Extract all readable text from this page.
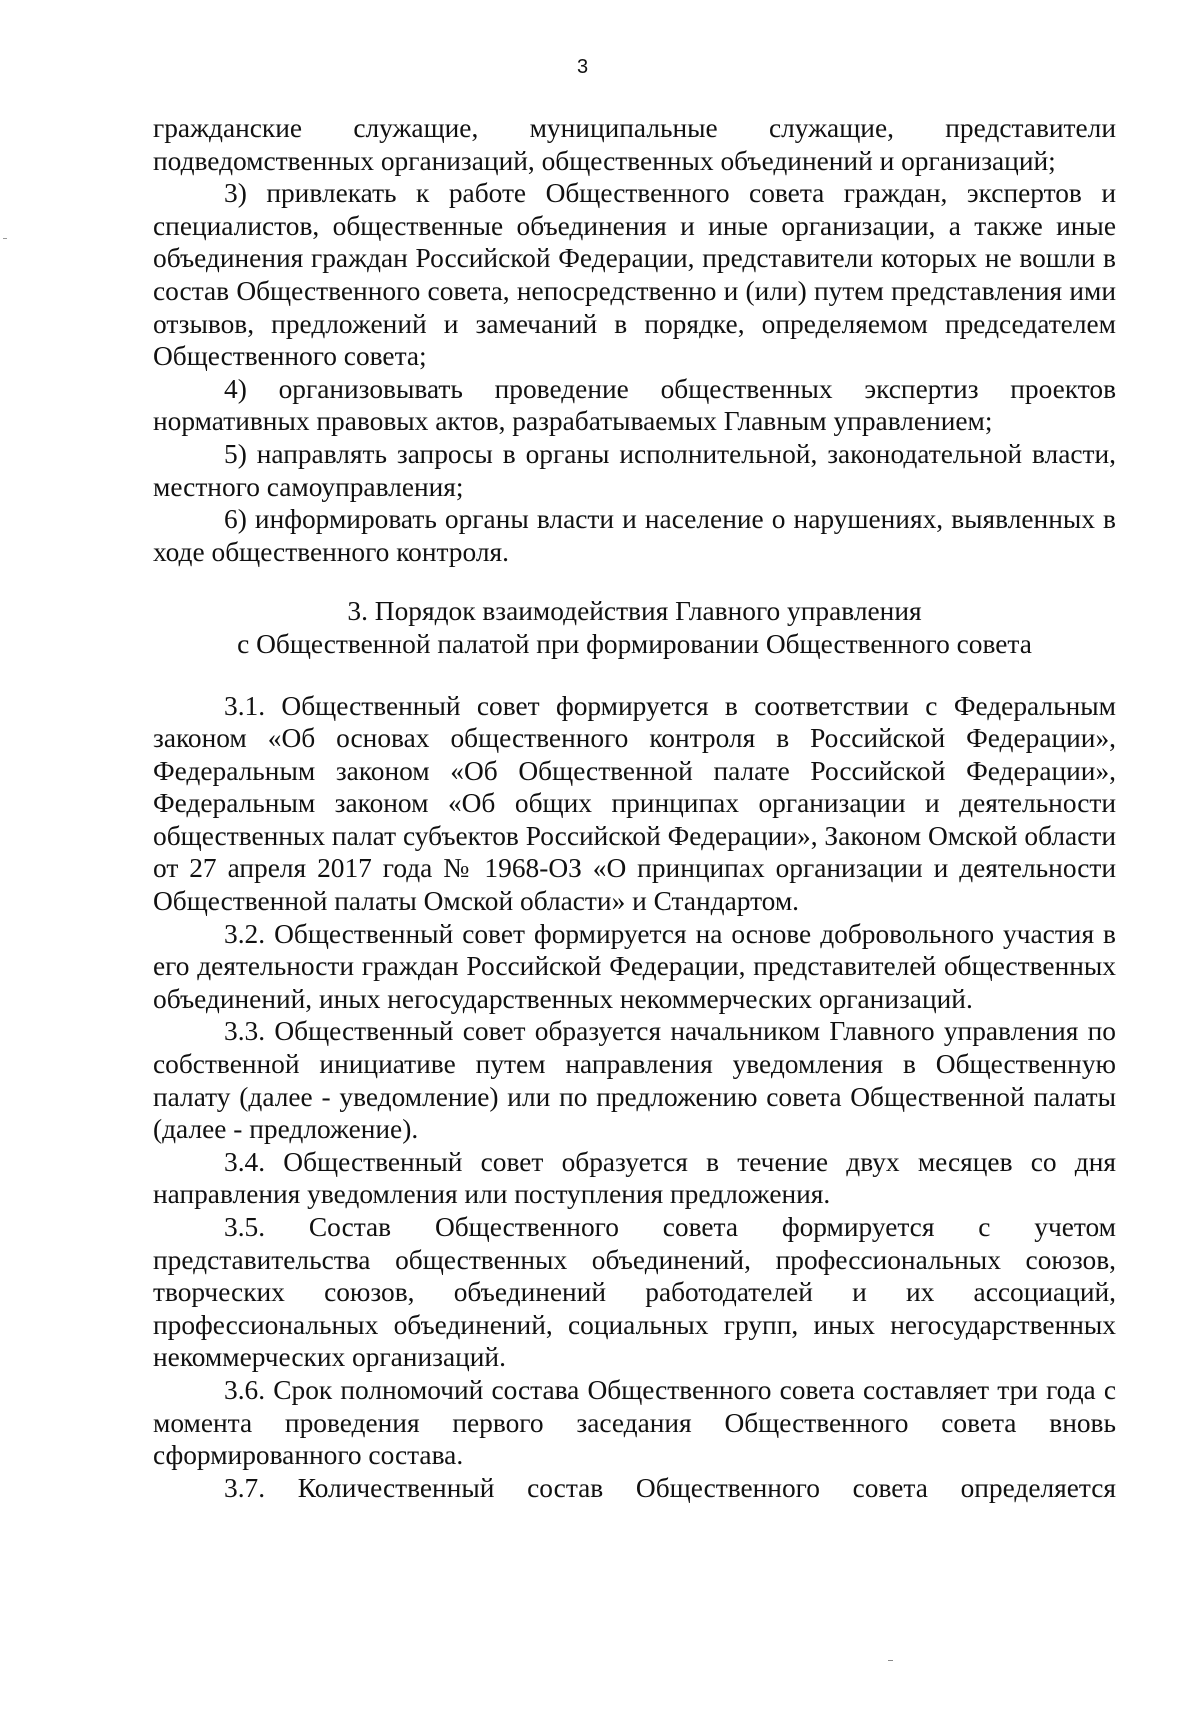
3

гражданские служащие, муниципальные служащие, представители подведомственных организаций, общественных объединений и организаций;

3) привлекать к работе Общественного совета граждан, экспертов и специалистов, общественные объединения и иные организации, а также иные объединения граждан Российской Федерации, представители которых не вошли в состав Общественного совета, непосредственно и (или) путем представления ими отзывов, предложений и замечаний в порядке, определяемом председателем Общественного совета;

4) организовывать проведение общественных экспертиз проектов нормативных правовых актов, разрабатываемых Главным управлением;

5) направлять запросы в органы исполнительной, законодательной власти, местного самоуправления;

6) информировать органы власти и население о нарушениях, выявленных в ходе общественного контроля.

3. Порядок взаимодействия Главного управления
с Общественной палатой при формировании Общественного совета

3.1. Общественный совет формируется в соответствии с Федеральным законом «Об основах общественного контроля в Российской Федерации», Федеральным законом «Об Общественной палате Российской Федерации», Федеральным законом «Об общих принципах организации и деятельности общественных палат субъектов Российской Федерации», Законом Омской области от 27 апреля 2017 года № 1968-ОЗ «О принципах организации и деятельности Общественной палаты Омской области» и Стандартом.

3.2. Общественный совет формируется на основе добровольного участия в его деятельности граждан Российской Федерации, представителей общественных объединений, иных негосударственных некоммерческих организаций.

3.3. Общественный совет образуется начальником Главного управления по собственной инициативе путем направления уведомления в Общественную палату (далее - уведомление) или по предложению совета Общественной палаты (далее - предложение).

3.4. Общественный совет образуется в течение двух месяцев со дня направления уведомления или поступления предложения.

3.5. Состав Общественного совета формируется с учетом представительства общественных объединений, профессиональных союзов, творческих союзов, объединений работодателей и их ассоциаций, профессиональных объединений, социальных групп, иных негосударственных некоммерческих организаций.

3.6. Срок полномочий состава Общественного совета составляет три года с момента проведения первого заседания Общественного совета вновь сформированного состава.

3.7. Количественный состав Общественного совета определяется
